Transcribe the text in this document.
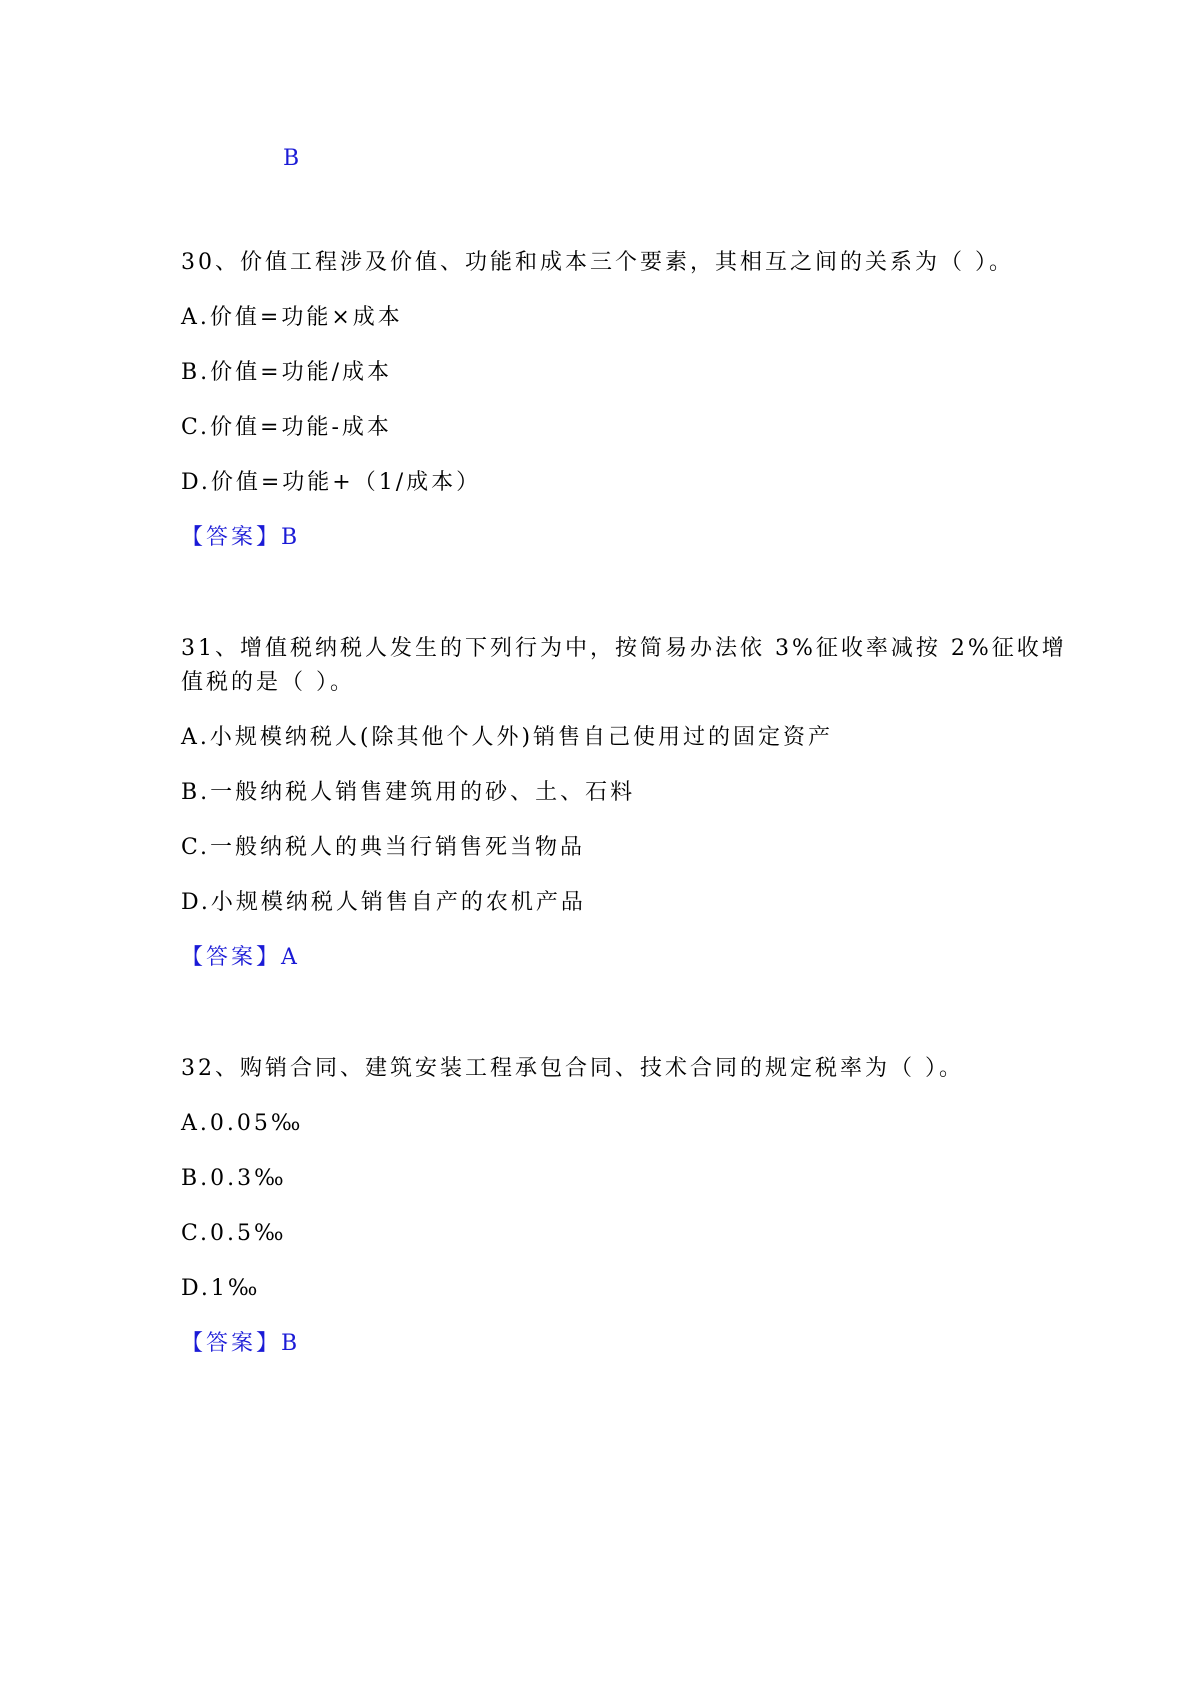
B
30、价值工程涉及价值、功能和成本三个要素，其相互之间的关系为（ ）。
A.价值=功能×成本
B.价值=功能/成本
C.价值=功能-成本
D.价值=功能+（1/成本）
【答案】B
31、增值税纳税人发生的下列行为中，按简易办法依 3%征收率减按 2%征收增
值税的是（ ）。
A.小规模纳税人(除其他个人外)销售自己使用过的固定资产
B.一般纳税人销售建筑用的砂、土、石料
C.一般纳税人的典当行销售死当物品
D.小规模纳税人销售自产的农机产品
【答案】A
32、购销合同、建筑安装工程承包合同、技术合同的规定税率为（ ）。
A.0.05‰
B.0.3‰
C.0.5‰
D.1‰
【答案】B
